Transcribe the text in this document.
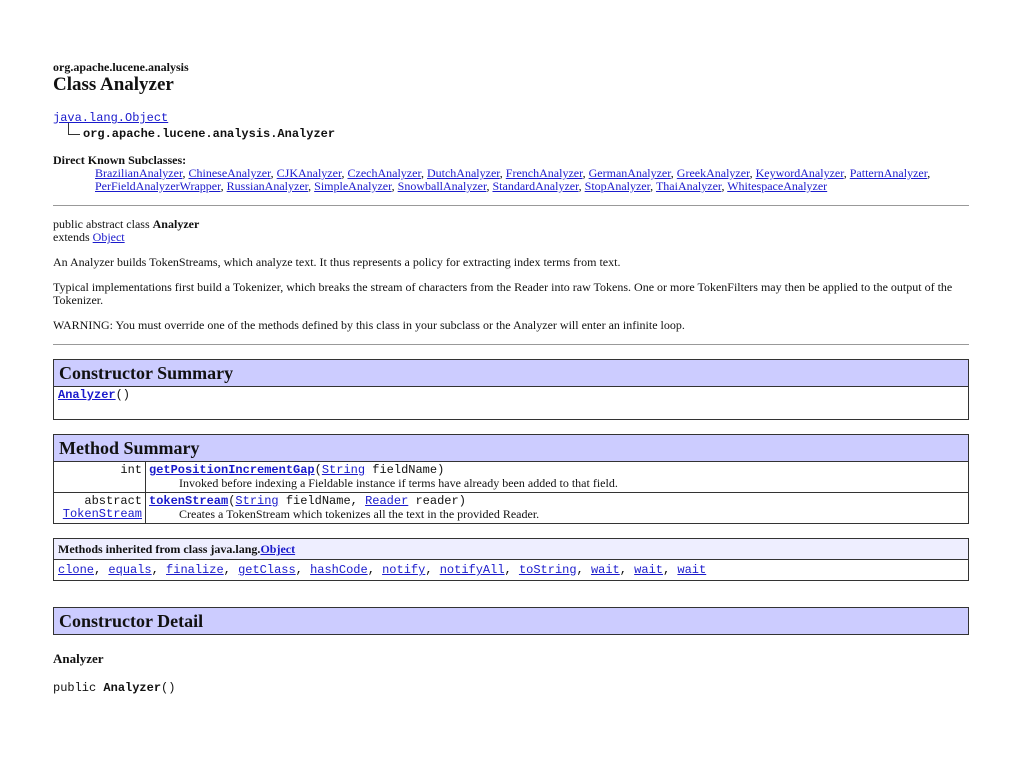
org.apache.lucene.analysis
Class Analyzer
java.lang.Object
org.apache.lucene.analysis.Analyzer
Direct Known Subclasses:
BrazilianAnalyzer, ChineseAnalyzer, CJKAnalyzer, CzechAnalyzer, DutchAnalyzer, FrenchAnalyzer, GermanAnalyzer, GreekAnalyzer, KeywordAnalyzer, PatternAnalyzer, PerFieldAnalyzerWrapper, RussianAnalyzer, SimpleAnalyzer, SnowballAnalyzer, StandardAnalyzer, StopAnalyzer, ThaiAnalyzer, WhitespaceAnalyzer
public abstract class Analyzer
extends Object

An Analyzer builds TokenStreams, which analyze text. It thus represents a policy for extracting index terms from text.

Typical implementations first build a Tokenizer, which breaks the stream of characters from the Reader into raw Tokens. One or more TokenFilters may then be applied to the output of the Tokenizer.

WARNING: You must override one of the methods defined by this class in your subclass or the Analyzer will enter an infinite loop.

Constructor Summary
Analyzer()
Method Summary
int getPositionIncrementGap(String fieldName)
Invoked before indexing a Fieldable instance if terms have already been added to that field.
abstract
TokenStream
tokenStream(String fieldName, Reader reader)
Creates a TokenStream which tokenizes all the text in the provided Reader.
Methods inherited from class java.lang.Object
clone, equals, finalize, getClass, hashCode, notify, notifyAll, toString, wait, wait, wait
Constructor Detail
Analyzer
public Analyzer()
